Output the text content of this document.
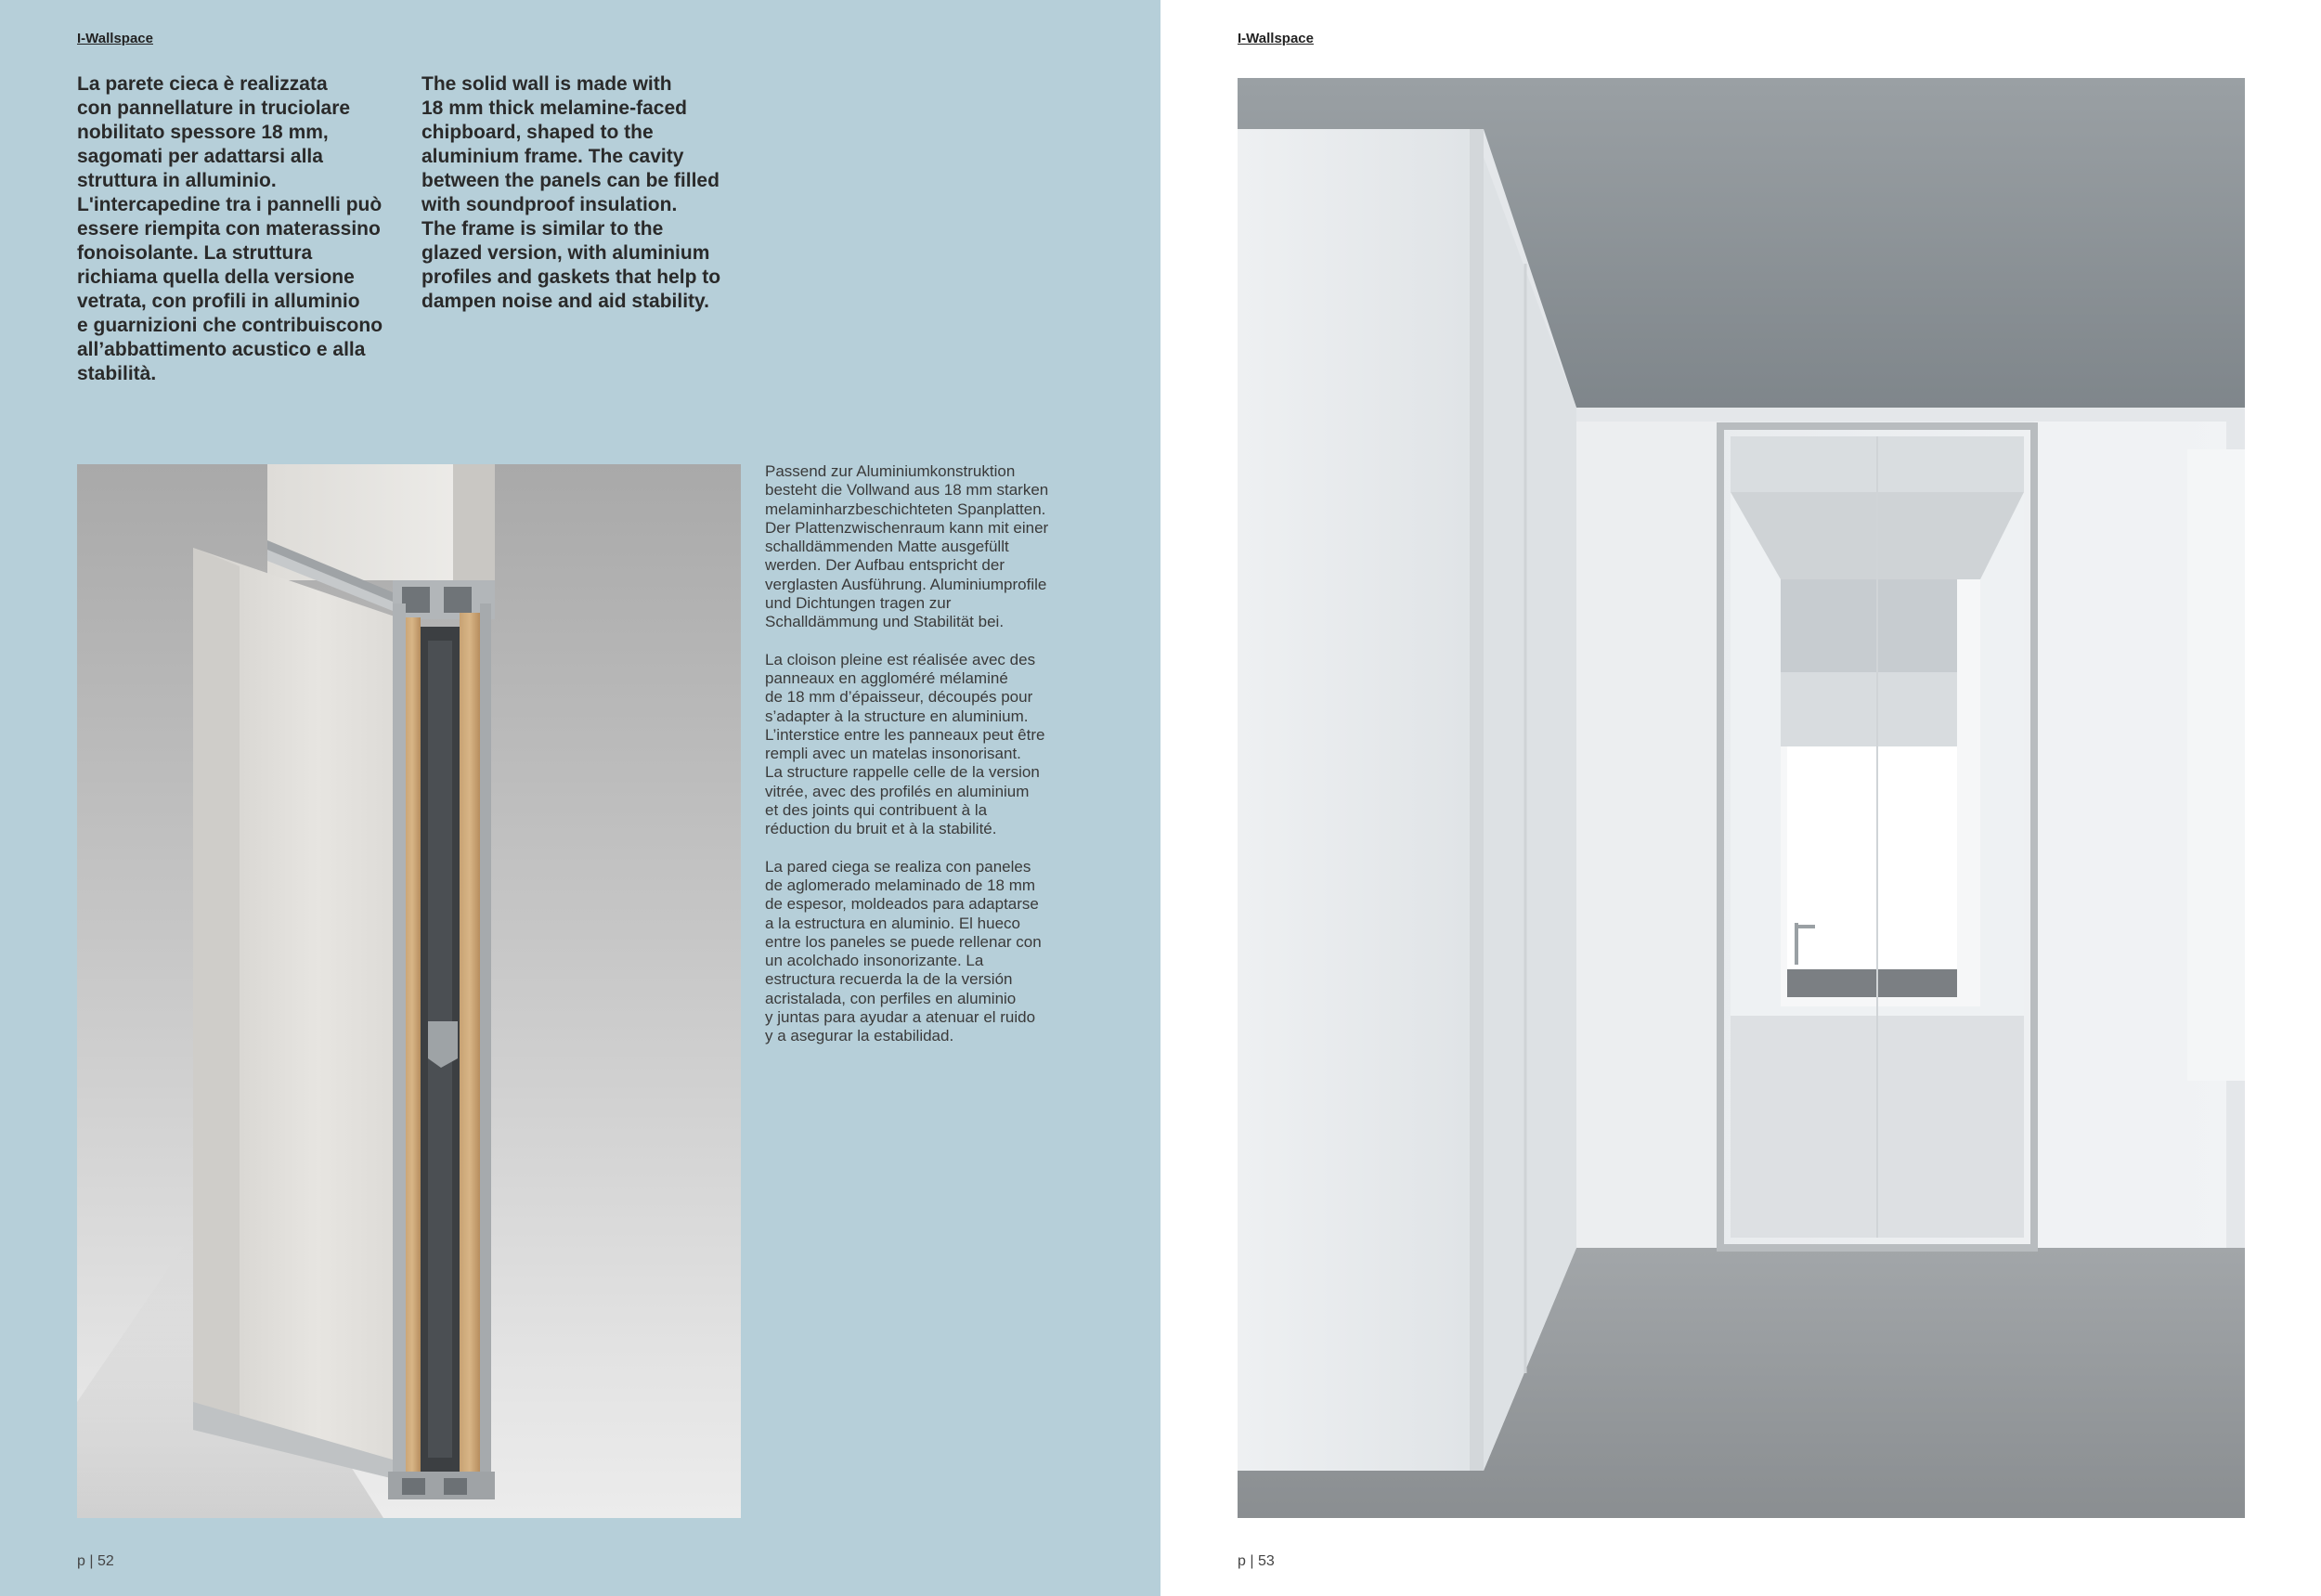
I-Wallspace
La parete cieca è realizzata
con pannellature in truciolare
nobilitato spessore 18 mm,
sagomati per adattarsi alla
struttura in alluminio.
L'intercapedine tra i pannelli può
essere riempita con materassino
fonoisolante. La struttura
richiama quella della versione
vetrata, con profili in alluminio
e guarnizioni che contribuiscono
all’abbattimento acustico e alla
stabilità.
The solid wall is made with
18 mm thick melamine-faced
chipboard, shaped to the
aluminium frame. The cavity
between the panels can be filled
with soundproof insulation.
The frame is similar to the
glazed version, with aluminium
profiles and gaskets that help to
dampen noise and aid stability.

Passend zur Aluminiumkonstruktion
besteht die Vollwand aus 18 mm starken
melaminharzbeschichteten Spanplatten.
Der Plattenzwischenraum kann mit einer
schalldämmenden Matte ausgefüllt
werden. Der Aufbau entspricht der
verglasten Ausführung. Aluminiumprofile
und Dichtungen tragen zur
Schalldämmung und Stabilität bei.

La cloison pleine est réalisée avec des
panneaux en aggloméré mélaminé
de 18 mm d’épaisseur, découpés pour
s’adapter à la structure en aluminium.
L’interstice entre les panneaux peut être
rempli avec un matelas insonorisant.
La structure rappelle celle de la version
vitrée, avec des profilés en aluminium
et des joints qui contribuent à la
réduction du bruit et à la stabilité.

La pared ciega se realiza con paneles
de aglomerado melaminado de 18 mm
de espesor, moldeados para adaptarse
a la estructura en aluminio. El hueco
entre los paneles se puede rellenar con
un acolchado insonorizante. La
estructura recuerda la de la versión
acristalada, con perfiles en aluminio
y juntas para ayudar a atenuar el ruido
y a asegurar la estabilidad.

p | 52
I-Wallspace
p | 53
